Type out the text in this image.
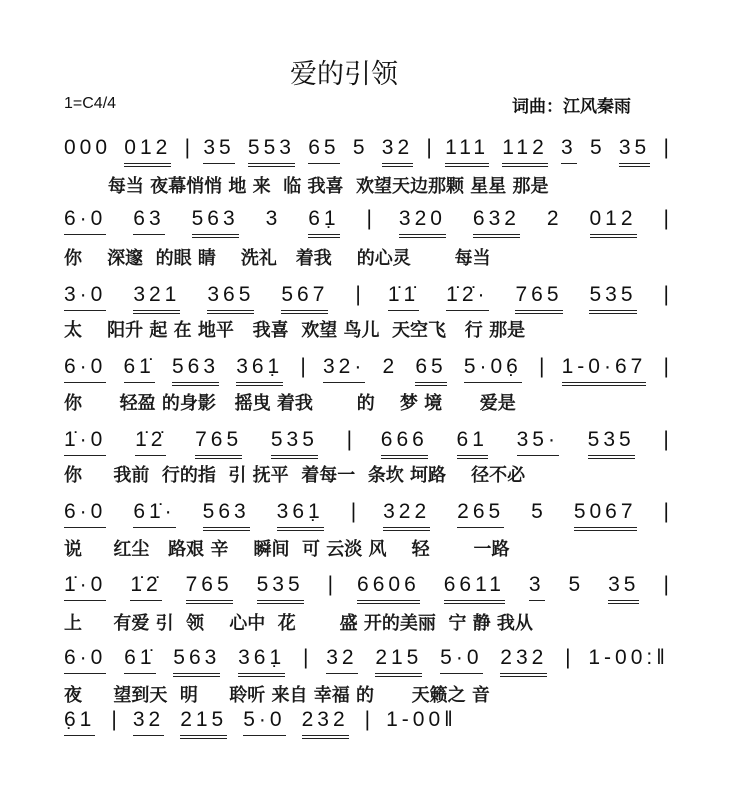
爱的引领
1=C4/4	词曲：江风秦雨
000 012 | 35 553 65 5 32 | 111 112 3 5 35 |
每当 夜幕悄悄 地 来  临 我喜  欢望天边那颗 星星 那是
6·0 63 563 3 61̣ | 320 632 2 012 |
你    深邃  的眼 睛    洗礼   着我    的心灵       每当
3·0 321 365 567 | 1̇1̇ 1̇2̇· 765 535 |
太    阳升 起 在 地平   我喜  欢望 鸟儿  天空飞   行 那是
6·0 61̇ 563 361̣ | 32· 2 65 5·06̣ | 1-0·67 |
你      轻盈 的身影   摇曳 着我       的    梦 境      爱是
1̇·0 1̇2̇ 765 535 | 666 61 35· 535 |
你     我前  行的指  引 抚平  着每一  条坎 坷路    径不必
6·0 61̇· 563 361̣ | 322 265 5 5067 |
说     红尘   路艰 辛    瞬间  可 云淡 风    轻       一路
1̇·0 1̇2̇ 765 535 | 6606 6611 3 5 35 |
上     有爱 引  领    心中  花       盛 开的美丽  宁 静 我从
6·0 61̇ 563 361̣ | 32 215 5·0 232 | 1-00:‖
夜     望到天  明     聆听 来自 幸福 的      天籁之 音
6̣1 | 32 215 5·0 232 | 1-00‖
